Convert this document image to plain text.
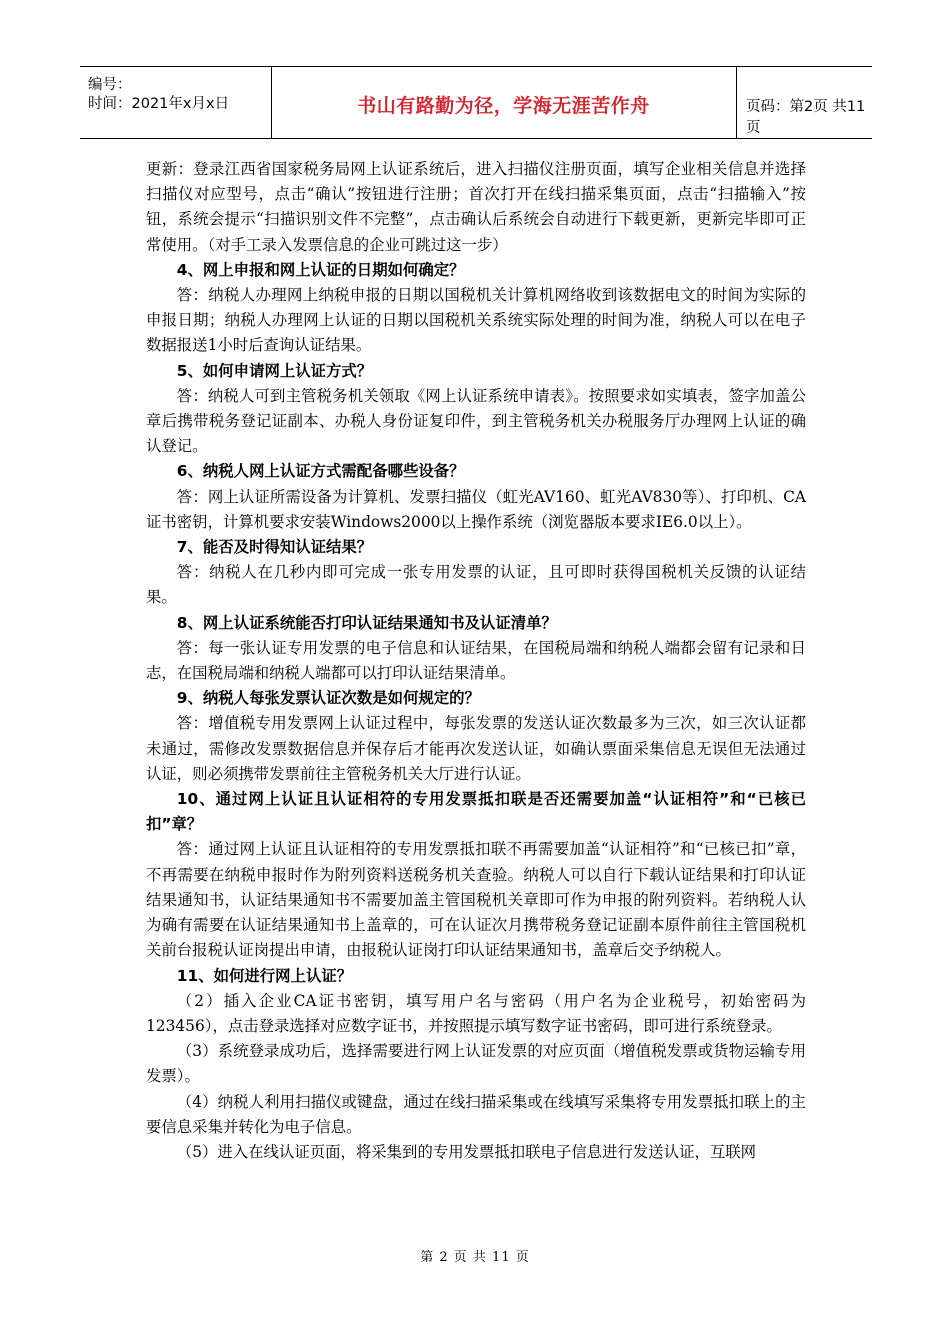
编号：
时间：2021年x月x日	书山有路勤为径，学海无涯苦作舟	页码：第2页 共11页

更新：登录江西省国家税务局网上认证系统后，进入扫描仪注册页面，填写企业相关信息并选择扫描仪对应型号，点击“确认”按钮进行注册；首次打开在线扫描采集页面，点击“扫描输入”按钮，系统会提示“扫描识别文件不完整”，点击确认后系统会自动进行下载更新，更新完毕即可正常使用。（对手工录入发票信息的企业可跳过这一步）

4、网上申报和网上认证的日期如何确定？

答：纳税人办理网上纳税申报的日期以国税机关计算机网络收到该数据电文的时间为实际的申报日期；纳税人办理网上认证的日期以国税机关系统实际处理的时间为准，纳税人可以在电子数据报送1小时后查询认证结果。

5、如何申请网上认证方式？

答：纳税人可到主管税务机关领取《网上认证系统申请表》。按照要求如实填表，签字加盖公章后携带税务登记证副本、办税人身份证复印件，到主管税务机关办税服务厅办理网上认证的确认登记。

6、纳税人网上认证方式需配备哪些设备？

答：网上认证所需设备为计算机、发票扫描仪（虹光AV160、虹光AV830等）、打印机、CA证书密钥，计算机要求安装Windows2000以上操作系统（浏览器版本要求IE6.0以上）。

7、能否及时得知认证结果？

答：纳税人在几秒内即可完成一张专用发票的认证，且可即时获得国税机关反馈的认证结果。

8、网上认证系统能否打印认证结果通知书及认证清单？

答：每一张认证专用发票的电子信息和认证结果，在国税局端和纳税人端都会留有记录和日志，在国税局端和纳税人端都可以打印认证结果清单。

9、纳税人每张发票认证次数是如何规定的？

答：增值税专用发票网上认证过程中，每张发票的发送认证次数最多为三次，如三次认证都未通过，需修改发票数据信息并保存后才能再次发送认证，如确认票面采集信息无误但无法通过认证，则必须携带发票前往主管税务机关大厅进行认证。

10、通过网上认证且认证相符的专用发票抵扣联是否还需要加盖“认证相符”和“已核已扣”章？

答：通过网上认证且认证相符的专用发票抵扣联不再需要加盖“认证相符”和“已核已扣”章，不再需要在纳税申报时作为附列资料送税务机关查验。纳税人可以自行下载认证结果和打印认证结果通知书，认证结果通知书不需要加盖主管国税机关章即可作为申报的附列资料。若纳税人认为确有需要在认证结果通知书上盖章的，可在认证次月携带税务登记证副本原件前往主管国税机关前台报税认证岗提出申请，由报税认证岗打印认证结果通知书，盖章后交予纳税人。

11、如何进行网上认证？

（2）插入企业CA证书密钥，填写用户名与密码（用户名为企业税号，初始密码为123456），点击登录选择对应数字证书，并按照提示填写数字证书密码，即可进行系统登录。

（3）系统登录成功后，选择需要进行网上认证发票的对应页面（增值税发票或货物运输专用发票）。

（4）纳税人利用扫描仪或键盘，通过在线扫描采集或在线填写采集将专用发票抵扣联上的主要信息采集并转化为电子信息。

（5）进入在线认证页面，将采集到的专用发票抵扣联电子信息进行发送认证，互联网

第 2 页 共 11 页
